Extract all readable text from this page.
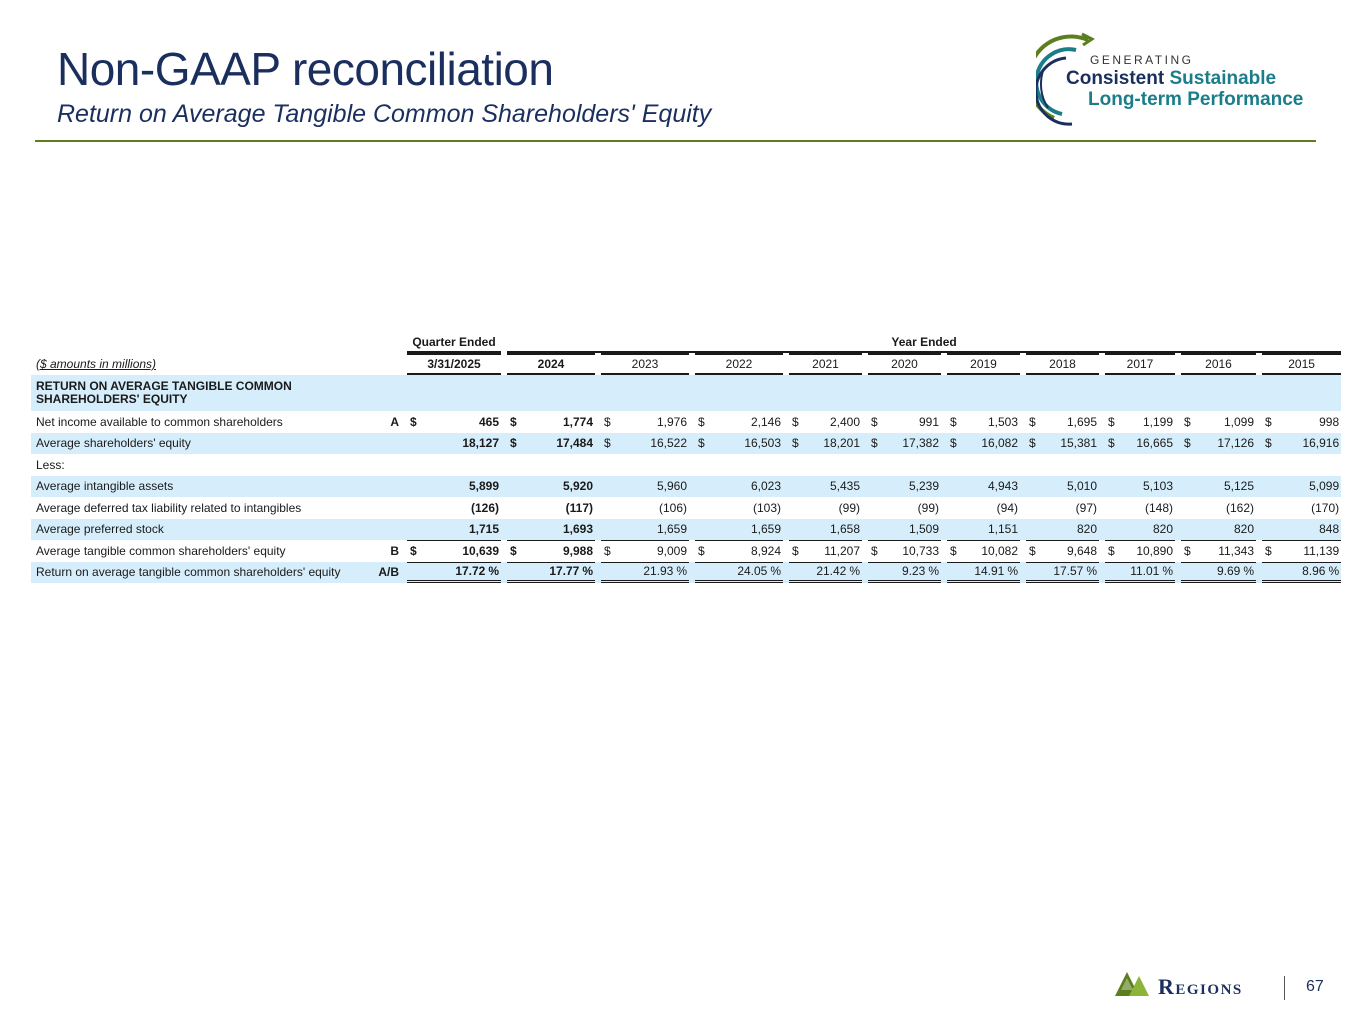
Non-GAAP reconciliation
Return on Average Tangible Common Shareholders' Equity
GENERATING
Consistent Sustainable
Long-term Performance
			Quarter Ended			Year Ended																												
($ amounts in millions)			3/31/2025			2024			2023			2022			2021			2020			2019			2018			2017			2016			2015	

RETURN ON AVERAGE TANGIBLE COMMON
SHAREHOLDERS' EQUITY																																		

Net income available to common shareholders	A		$	465		$	1,774		$	1,976		$	2,146		$	2,400		$	991		$	1,503		$	1,695		$	1,199		$	1,099		$	998
Average shareholders' equity				18,127		$	17,484		$	16,522		$	16,503		$	18,201		$	17,382		$	16,082		$	15,381		$	16,665		$	17,126		$	16,916
Less:																																		
Average intangible assets				5,899			5,920			5,960			6,023			5,435			5,239			4,943			5,010			5,103			5,125			5,099
Average deferred tax liability related to intangibles				(126)			(117)			(106)			(103)			(99)			(99)			(94)			(97)			(148)			(162)			(170)
Average preferred stock				1,715			1,693			1,659			1,659			1,658			1,509			1,151			820			820			820			848
Average tangible common shareholders' equity	B		$	10,639		$	9,988		$	9,009		$	8,924		$	11,207		$	10,733		$	10,082		$	9,648		$	10,890		$	11,343		$	11,139
Return on average tangible common shareholders' equity	A/B			17.72 %			17.77 %			21.93 %			24.05 %			21.42 %			9.23 %			14.91 %			17.57 %			11.01 %			9.69 %			8.96 %
Regions	67
